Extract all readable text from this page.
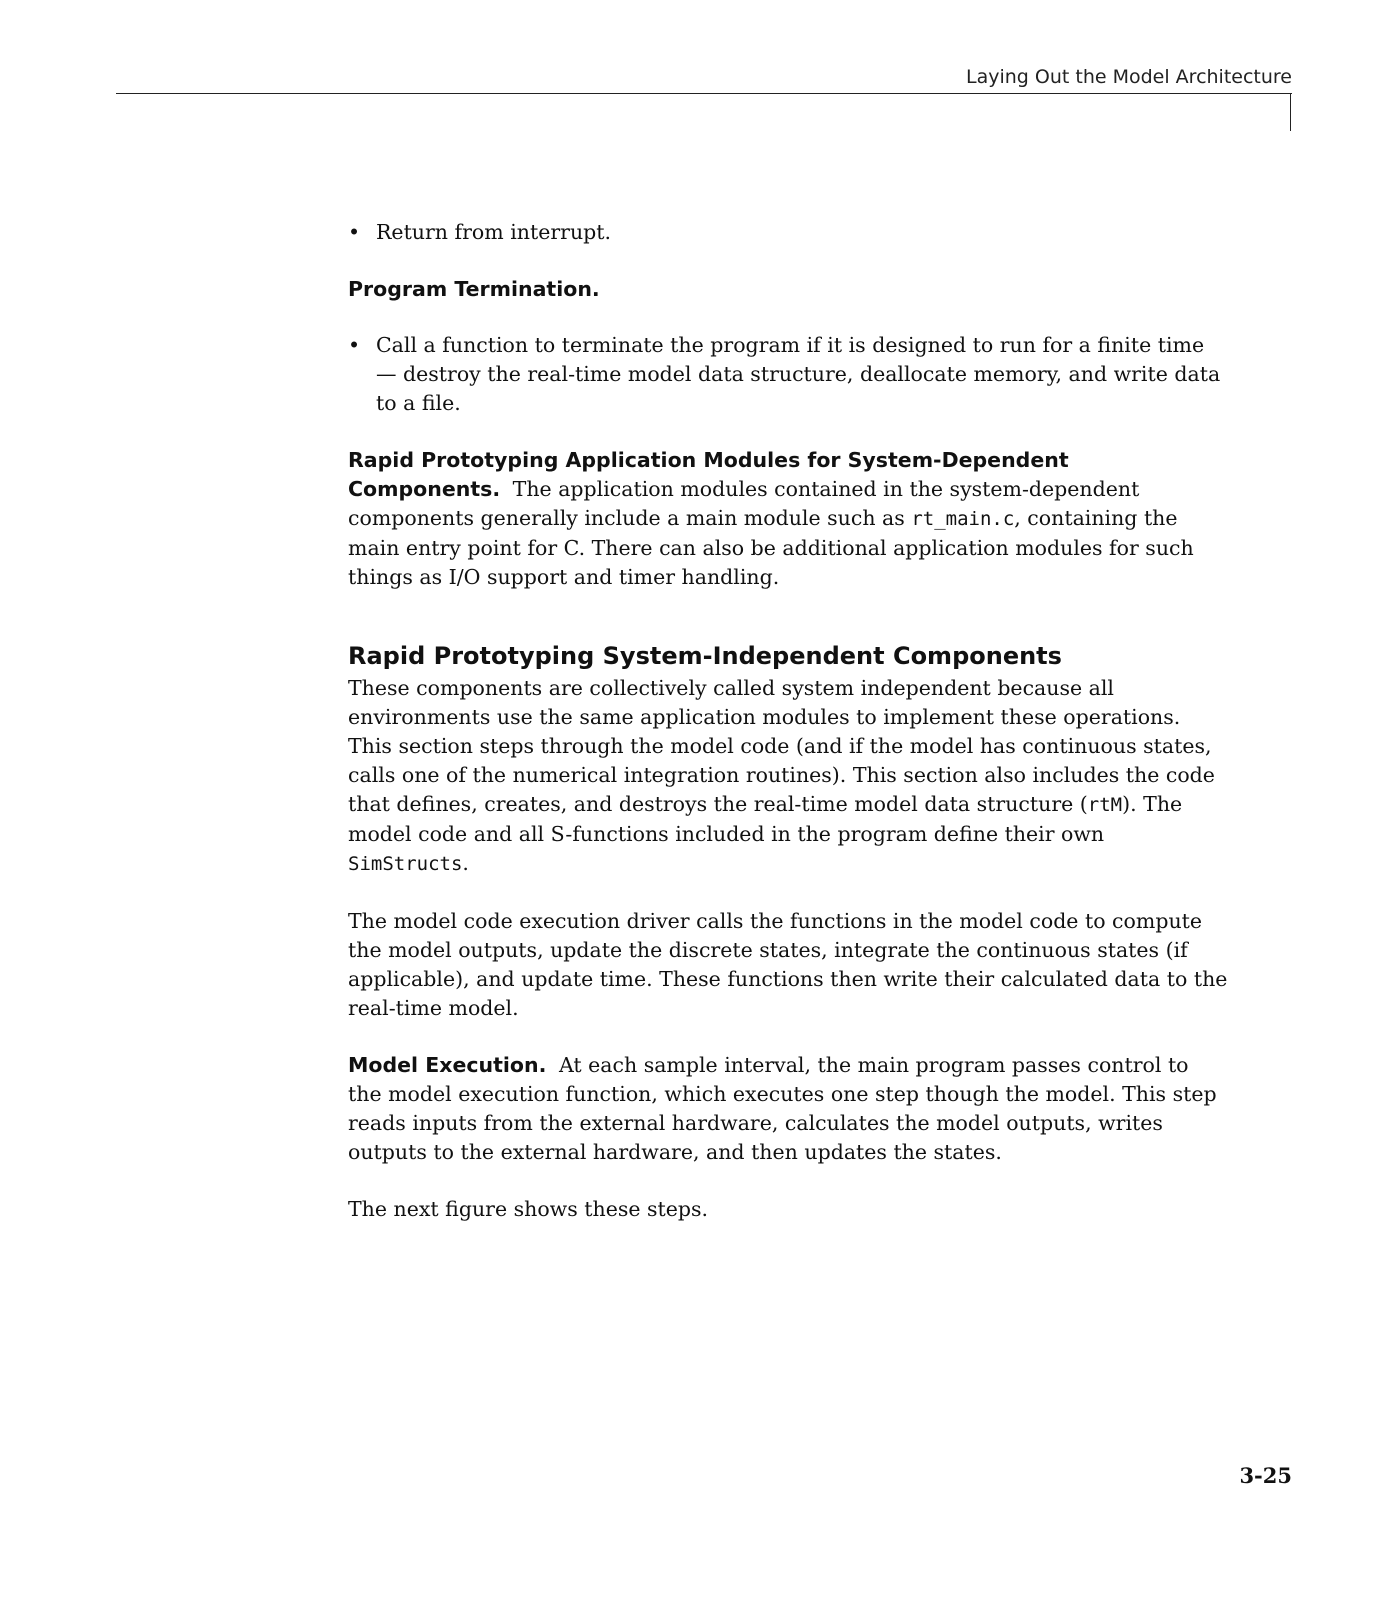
Laying Out the Model Architecture
• Return from interrupt.
Program Termination.
• Call a function to terminate the program if it is designed to run for a finite time — destroy the real-time model data structure, deallocate memory, and write data to a file.

Rapid Prototyping Application Modules for System-Dependent Components. The application modules contained in the system-dependent components generally include a main module such as rt_main.c, containing the main entry point for C. There can also be additional application modules for such things as I/O support and timer handling.

Rapid Prototyping System-Independent Components

These components are collectively called system independent because all environments use the same application modules to implement these operations. This section steps through the model code (and if the model has continuous states, calls one of the numerical integration routines). This section also includes the code that defines, creates, and destroys the real-time model data structure (rtM). The model code and all S-functions included in the program define their own SimStructs.

The model code execution driver calls the functions in the model code to compute the model outputs, update the discrete states, integrate the continuous states (if applicable), and update time. These functions then write their calculated data to the real-time model.

Model Execution. At each sample interval, the main program passes control to the model execution function, which executes one step though the model. This step reads inputs from the external hardware, calculates the model outputs, writes outputs to the external hardware, and then updates the states.

The next figure shows these steps.

3-25
